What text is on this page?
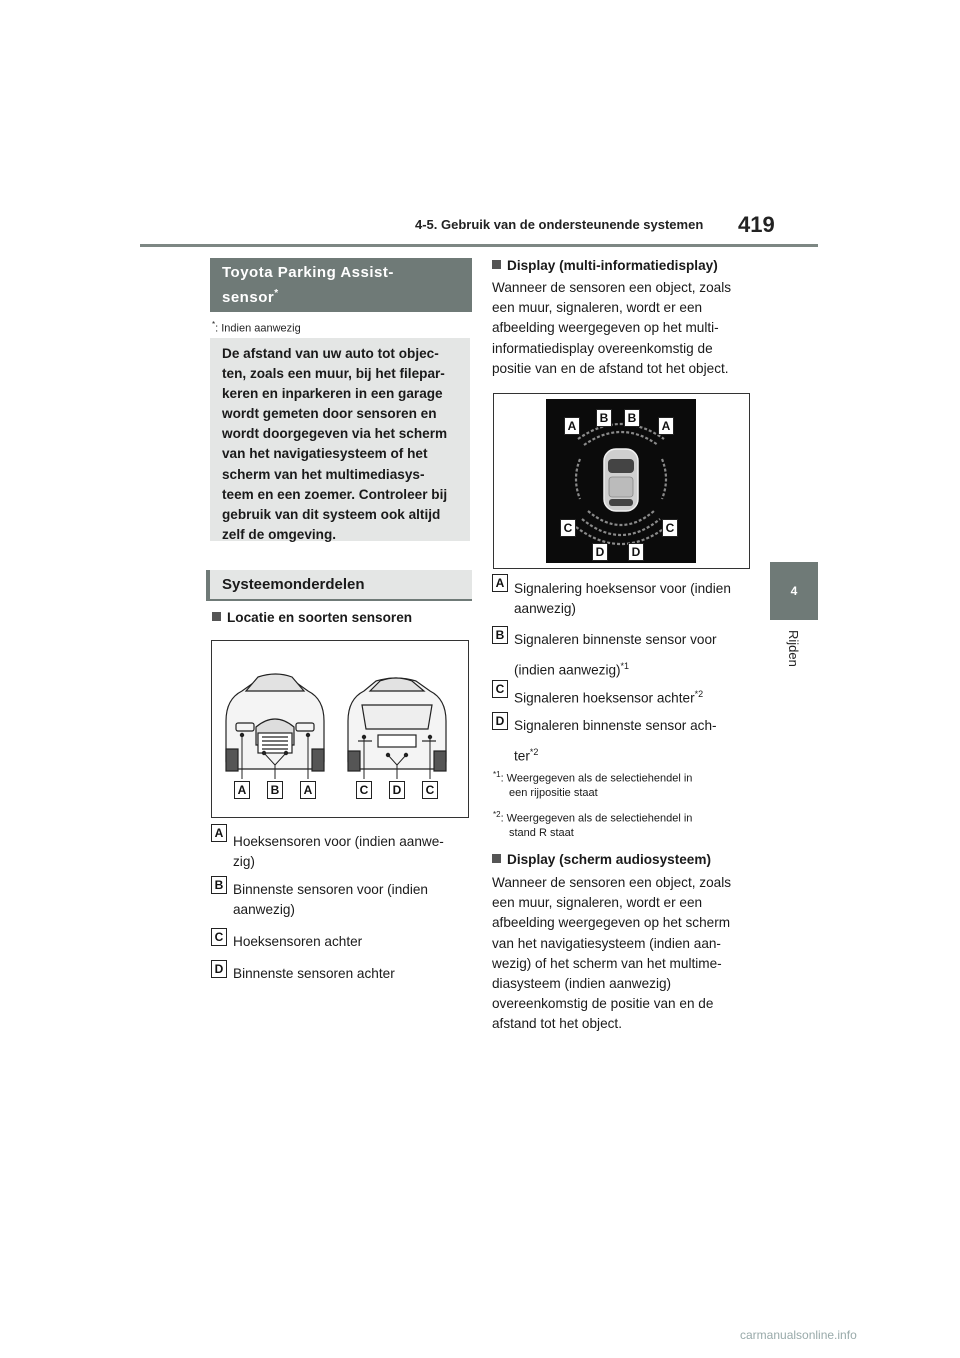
4-5. Gebruik van de ondersteunende systemen 419
4
Rijden
Toyota Parking Assist-
sensor*
*: Indien aanwezig
De afstand van uw auto tot objec-
ten, zoals een muur, bij het filepar-
keren en inparkeren in een garage
wordt gemeten door sensoren en
wordt doorgegeven via het scherm
van het navigatiesysteem of het
scherm van het multimediasys-
teem en een zoemer. Controleer bij
gebruik van dit systeem ook altijd
zelf de omgeving.
Systeemonderdelen
Locatie en soorten sensoren
A	B	A	C	D	C
A
Hoeksensoren voor (indien aanwe-
zig)
B Binnenste sensoren voor (indien
aanwezig)
C Hoeksensoren achter
D Binnenste sensoren achter
Display (multi-informatiedisplay)
Wanneer de sensoren een object, zoals
een muur, signaleren, wordt er een
afbeelding weergegeven op het multi-
informatiedisplay overeenkomstig de
positie van en de afstand tot het object.
A
B	B
A
C	C
D	D
A Signalering hoeksensor voor (indien
aanwezig)
B Signaleren binnenste sensor voor
(indien aanwezig)$^{*1}$
C
Signaleren hoeksensor achter$^{*2}$
D Signaleren binnenste sensor ach-
ter$^{*2}$
$^{*1}$: Weergegeven als de selectiehendel in
een rijpositie staat
$^{*2}$: Weergegeven als de selectiehendel in
stand R staat
Display (scherm audiosysteem)
Wanneer de sensoren een object, zoals
een muur, signaleren, wordt er een
afbeelding weergegeven op het scherm
van het navigatiesysteem (indien aan-
wezig) of het scherm van het multime-
diasysteem (indien aanwezig)
overeenkomstig de positie van en de
afstand tot het object.
carmanualsonline.info
